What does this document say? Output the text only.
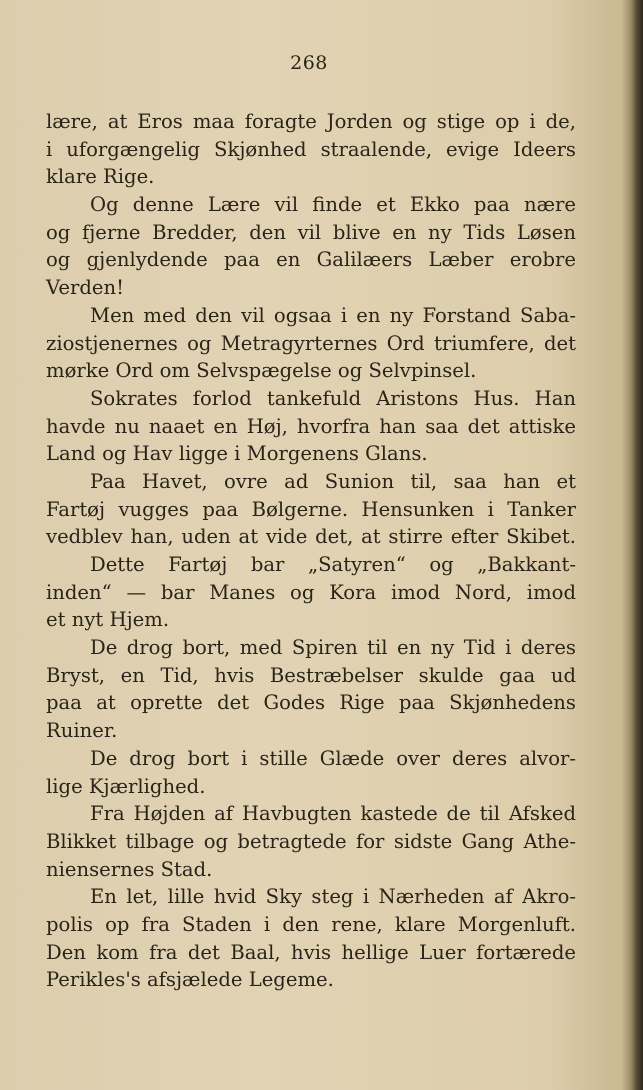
268
lære, at Eros maa foragte Jorden og stige op i de,
i uforgængelig Skjønhed straalende, evige Ideers
klare Rige.
Og denne Lære vil finde et Ekko paa nære
og fjerne Bredder, den vil blive en ny Tids Løsen
og gjenlydende paa en Galilæers Læber erobre
Verden!
Men med den vil ogsaa i en ny Forstand Saba-
ziostjenernes og Metragyrternes Ord triumfere, det
mørke Ord om Selvspægelse og Selvpinsel.
Sokrates forlod tankefuld Aristons Hus. Han
havde nu naaet en Høj, hvorfra han saa det attiske
Land og Hav ligge i Morgenens Glans.
Paa Havet, ovre ad Sunion til, saa han et
Fartøj vugges paa Bølgerne. Hensunken i Tanker
vedblev han, uden at vide det, at stirre efter Skibet.
Dette Fartøj bar „Satyren“ og „Bakkant-
inden“ — bar Manes og Kora imod Nord, imod
et nyt Hjem.
De drog bort, med Spiren til en ny Tid i deres
Bryst, en Tid, hvis Bestræbelser skulde gaa ud
paa at oprette det Godes Rige paa Skjønhedens
Ruiner.
De drog bort i stille Glæde over deres alvor-
lige Kjærlighed.
Fra Højden af Havbugten kastede de til Afsked
Blikket tilbage og betragtede for sidste Gang Athe-
niensernes Stad.
En let, lille hvid Sky steg i Nærheden af Akro-
polis op fra Staden i den rene, klare Morgenluft.
Den kom fra det Baal, hvis hellige Luer fortærede
Perikles's afsjælede Legeme.
